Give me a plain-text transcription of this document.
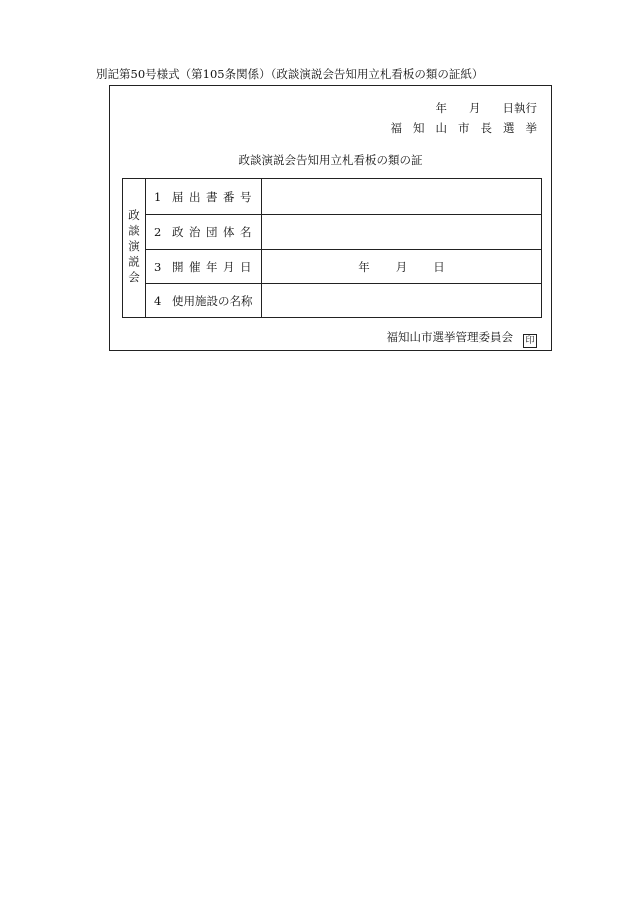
別記第50号様式（第105条関係）（政談演説会告知用立札看板の類の証紙）
年 月 日執行
福知山市長選挙
政談演説会告知用立札看板の類の証
政談演説会
1 届出書番号
2 政治団体名
3 開催年月日	年 月 日
4 使用施設の名称
福知山市選挙管理委員会 印
